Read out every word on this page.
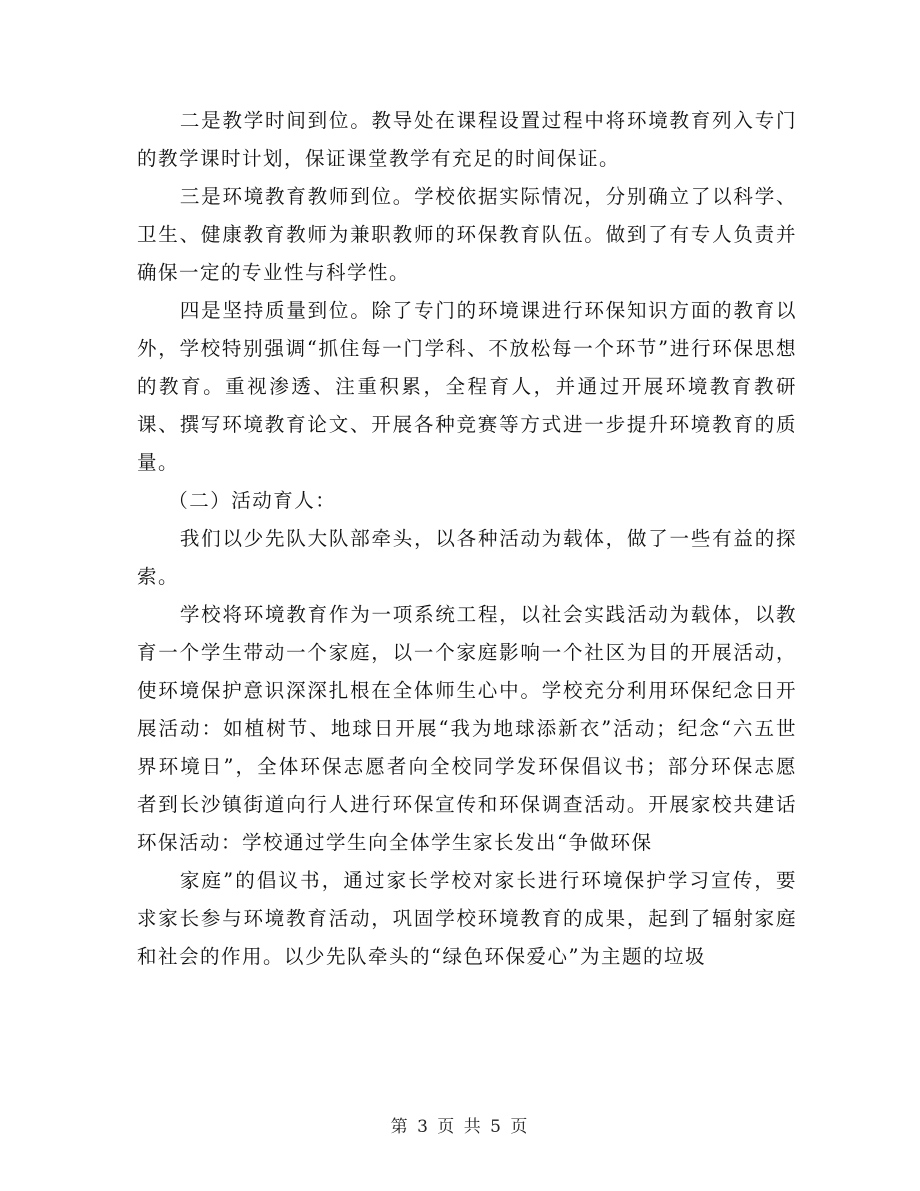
二是教学时间到位。教导处在课程设置过程中将环境教育列入专门的教学课时计划，保证课堂教学有充足的时间保证。

三是环境教育教师到位。学校依据实际情况，分别确立了以科学、卫生、健康教育教师为兼职教师的环保教育队伍。做到了有专人负责并确保一定的专业性与科学性。

四是坚持质量到位。除了专门的环境课进行环保知识方面的教育以外，学校特别强调“抓住每一门学科、不放松每一个环节”进行环保思想的教育。重视渗透、注重积累，全程育人，并通过开展环境教育教研课、撰写环境教育论文、开展各种竞赛等方式进一步提升环境教育的质量。

（二）活动育人：

我们以少先队大队部牵头，以各种活动为载体，做了一些有益的探索。

学校将环境教育作为一项系统工程，以社会实践活动为载体，以教育一个学生带动一个家庭，以一个家庭影响一个社区为目的开展活动，使环境保护意识深深扎根在全体师生心中。学校充分利用环保纪念日开展活动：如植树节、地球日开展“我为地球添新衣”活动；纪念“六五世界环境日”，全体环保志愿者向全校同学发环保倡议书；部分环保志愿者到长沙镇街道向行人进行环保宣传和环保调查活动。开展家校共建话环保活动：学校通过学生向全体学生家长发出“争做环保

家庭”的倡议书，通过家长学校对家长进行环境保护学习宣传，要求家长参与环境教育活动，巩固学校环境教育的成果，起到了辐射家庭和社会的作用。以少先队牵头的“绿色环保爱心”为主题的垃圾

第 3 页 共 5 页
